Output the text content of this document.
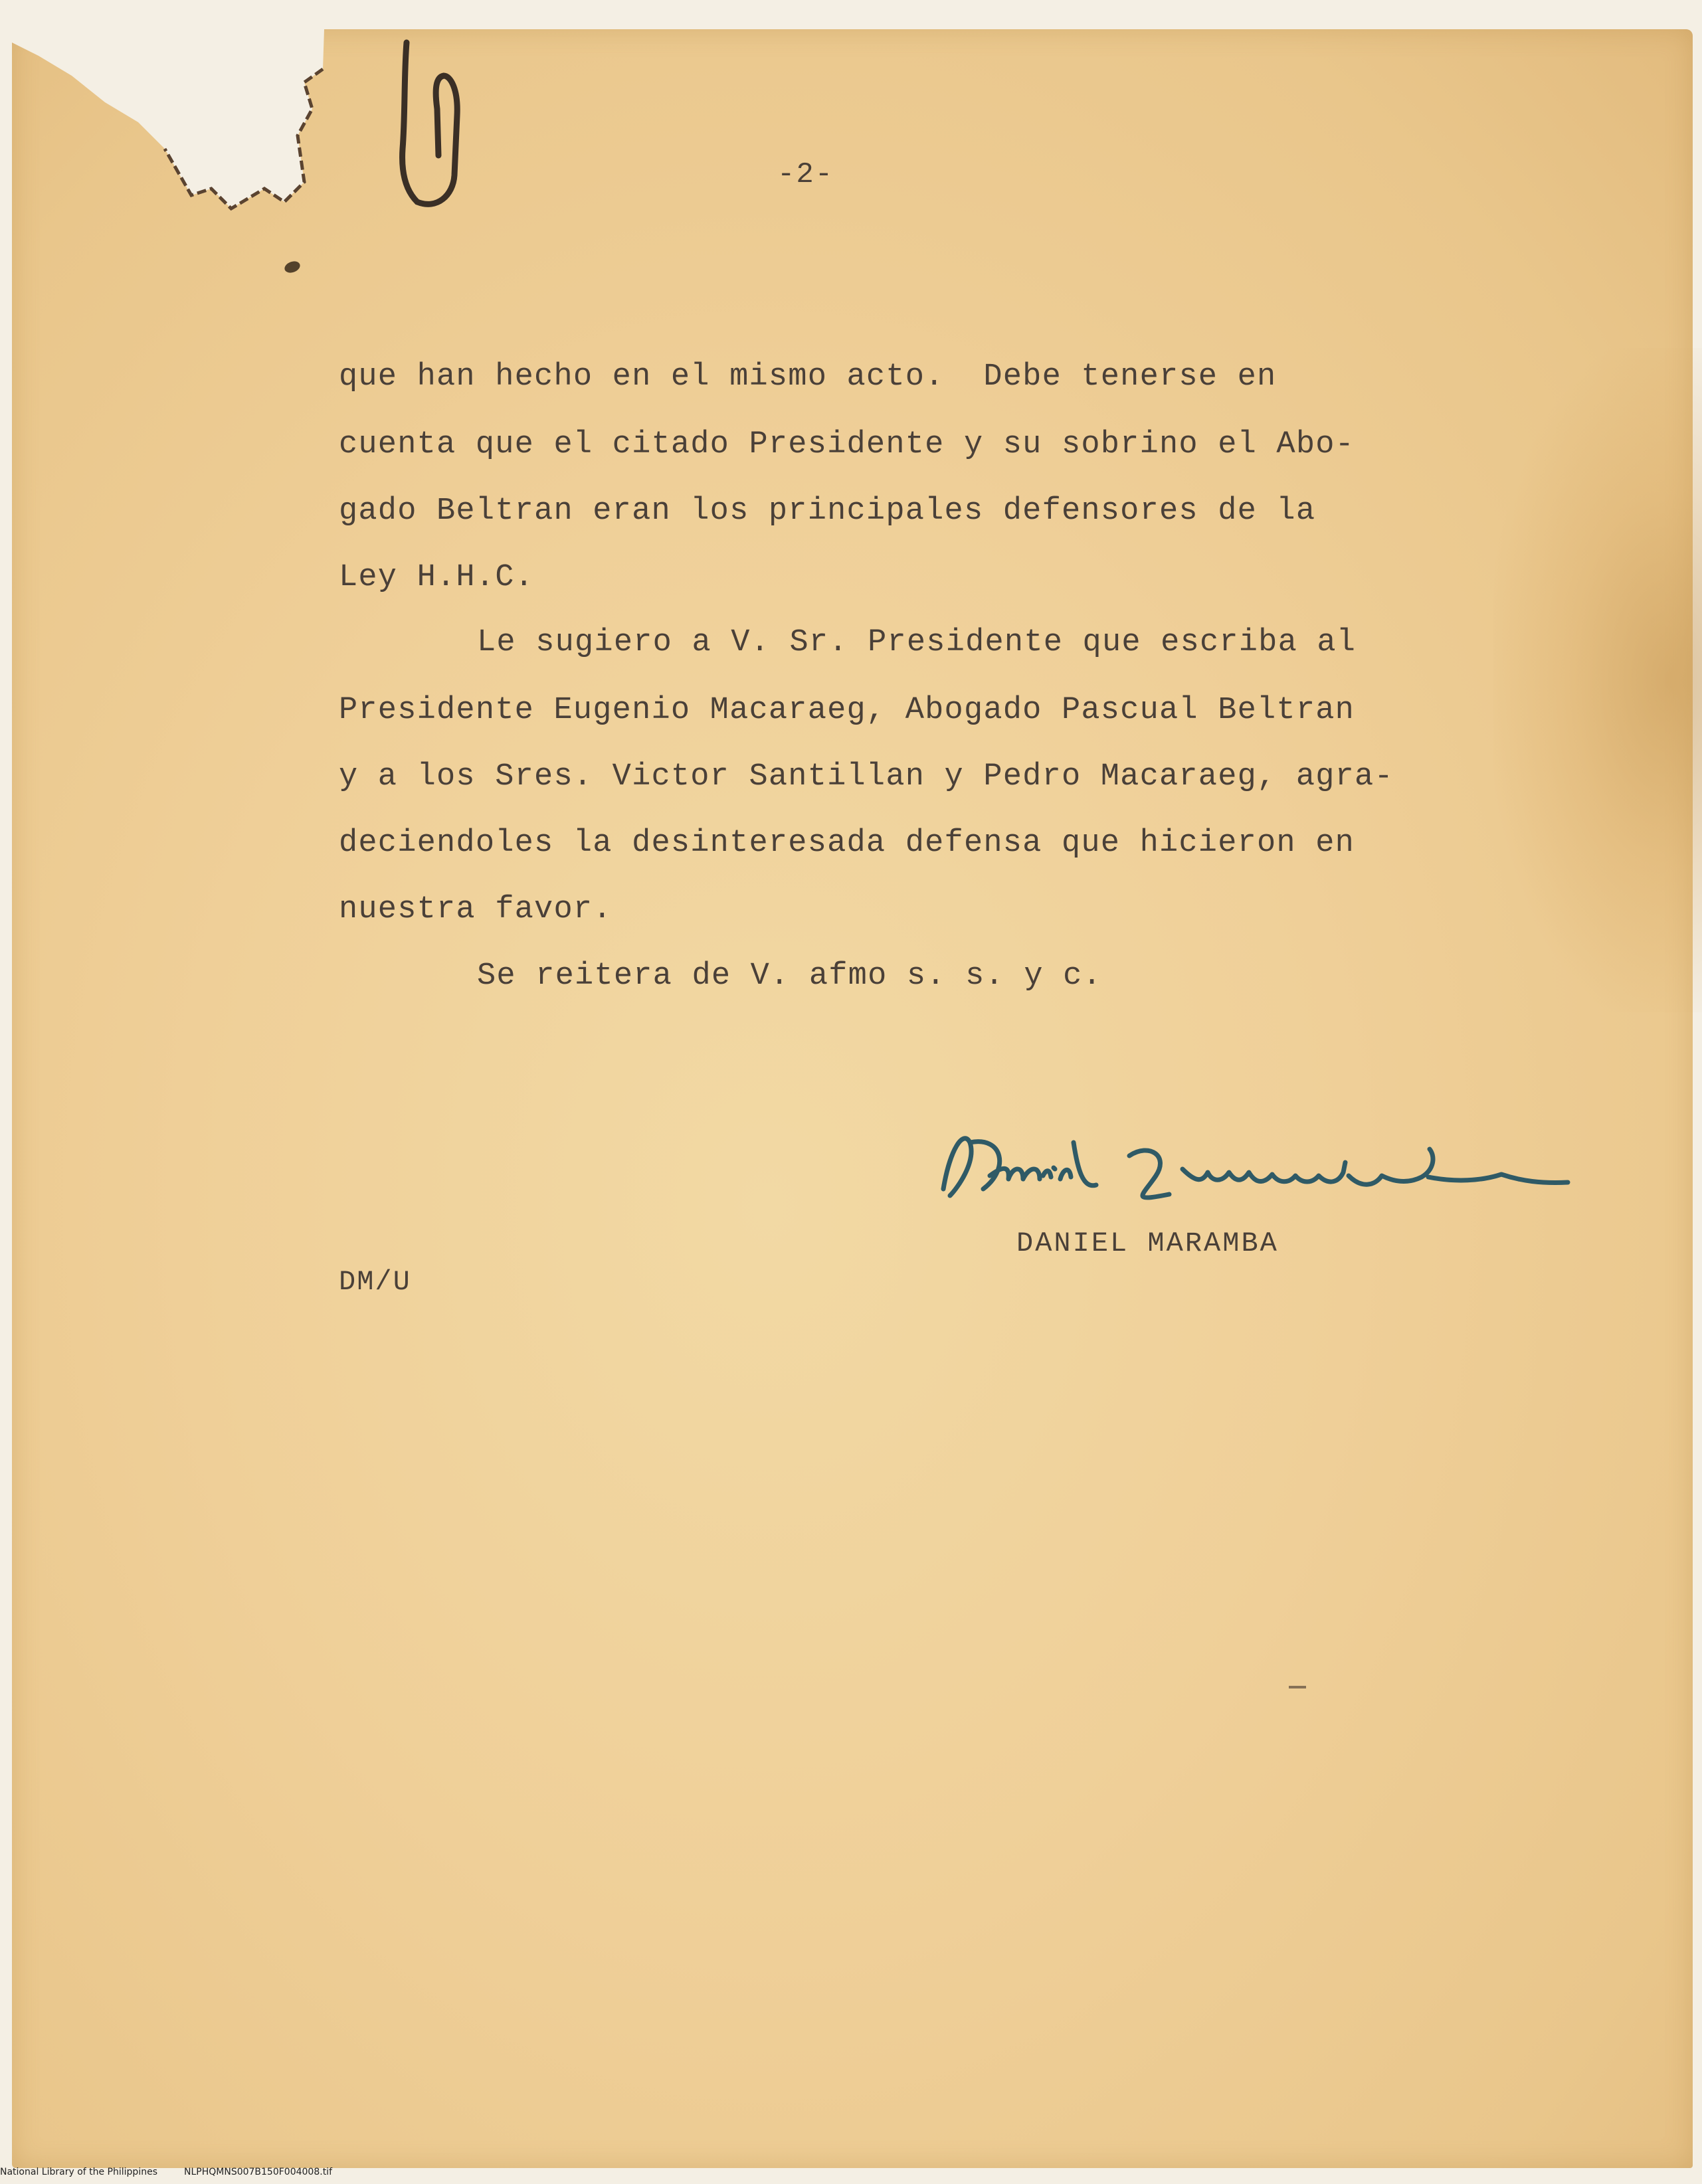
-2-
que han hecho en el mismo acto.  Debe tenerse en
cuenta que el citado Presidente y su sobrino el Abo-
gado Beltran eran los principales defensores de la
Ley H.H.C.
Le sugiero a V. Sr. Presidente que escriba al
Presidente Eugenio Macaraeg, Abogado Pascual Beltran
y a los Sres. Victor Santillan y Pedro Macaraeg, agra-
deciendoles la desinteresada defensa que hicieron en
nuestra favor.
Se reitera de V. afmo s. s. y c.
DANIEL MARAMBA
DM/U
National Library of the Philippines	NLPHQMNS007B150F004008.tif
